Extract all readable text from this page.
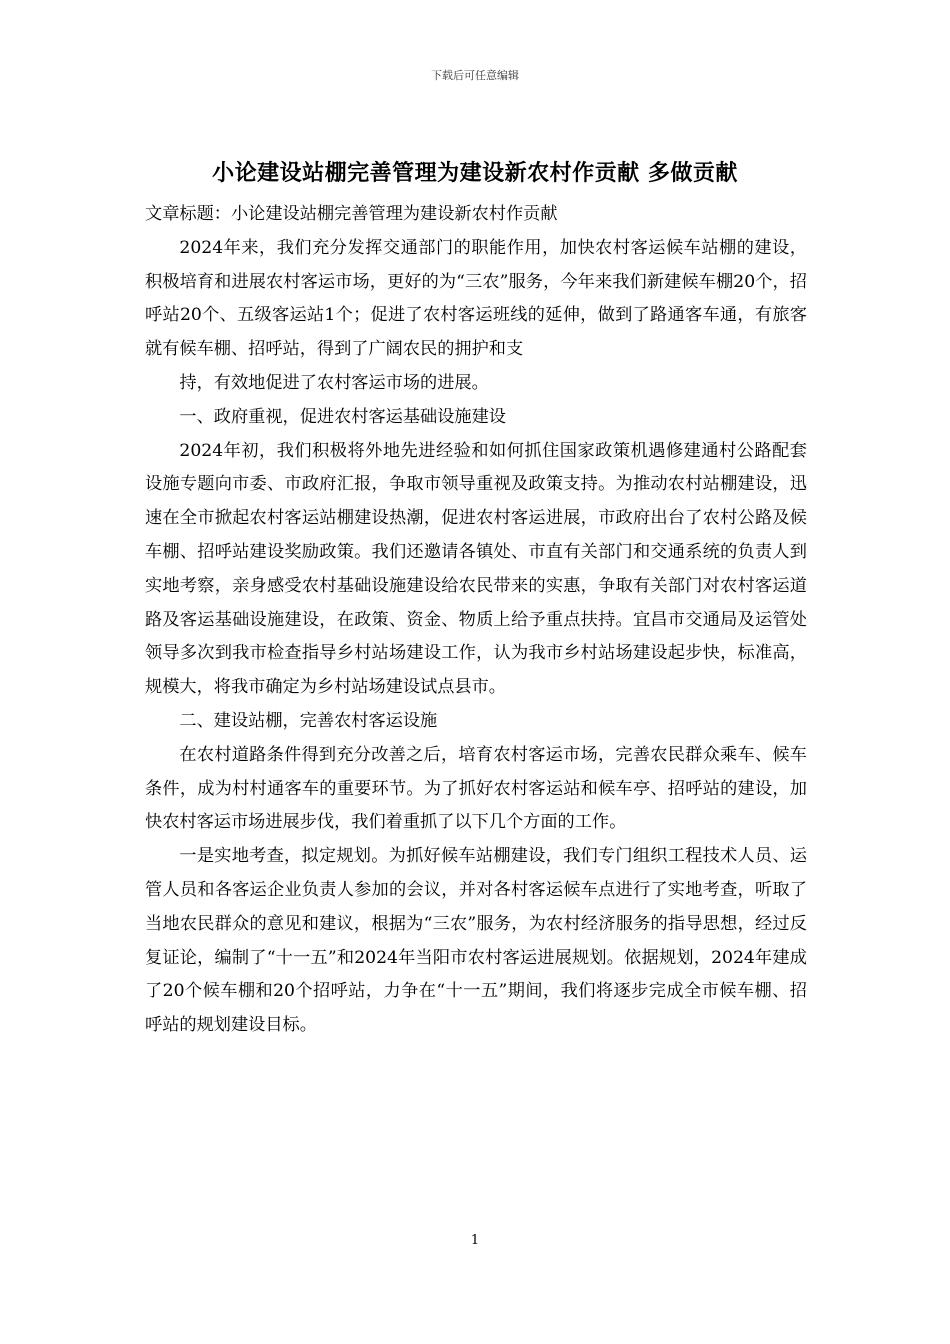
下载后可任意编辑
小论建设站棚完善管理为建设新农村作贡献 多做贡献

文章标题：小论建设站棚完善管理为建设新农村作贡献

2024年来，我们充分发挥交通部门的职能作用，加快农村客运候车站棚的建设，积极培育和进展农村客运市场，更好的为“三农”服务，今年来我们新建候车棚20个，招呼站20个、五级客运站1个；促进了农村客运班线的延伸，做到了路通客车通，有旅客就有候车棚、招呼站，得到了广阔农民的拥护和支

持，有效地促进了农村客运市场的进展。

一、政府重视，促进农村客运基础设施建设

2024年初，我们积极将外地先进经验和如何抓住国家政策机遇修建通村公路配套设施专题向市委、市政府汇报，争取市领导重视及政策支持。为推动农村站棚建设，迅速在全市掀起农村客运站棚建设热潮，促进农村客运进展，市政府出台了农村公路及候车棚、招呼站建设奖励政策。我们还邀请各镇处、市直有关部门和交通系统的负责人到实地考察，亲身感受农村基础设施建设给农民带来的实惠，争取有关部门对农村客运道路及客运基础设施建设，在政策、资金、物质上给予重点扶持。宜昌市交通局及运管处领导多次到我市检查指导乡村站场建设工作，认为我市乡村站场建设起步快，标准高，规模大，将我市确定为乡村站场建设试点县市。

二、建设站棚，完善农村客运设施

在农村道路条件得到充分改善之后，培育农村客运市场，完善农民群众乘车、候车条件，成为村村通客车的重要环节。为了抓好农村客运站和候车亭、招呼站的建设，加快农村客运市场进展步伐，我们着重抓了以下几个方面的工作。

一是实地考查，拟定规划。为抓好候车站棚建设，我们专门组织工程技术人员、运管人员和各客运企业负责人参加的会议，并对各村客运候车点进行了实地考查，听取了当地农民群众的意见和建议，根据为“三农”服务，为农村经济服务的指导思想，经过反复证论，编制了“十一五”和2024年当阳市农村客运进展规划。依据规划，2024年建成了20个候车棚和20个招呼站，力争在“十一五”期间，我们将逐步完成全市候车棚、招呼站的规划建设目标。

1
